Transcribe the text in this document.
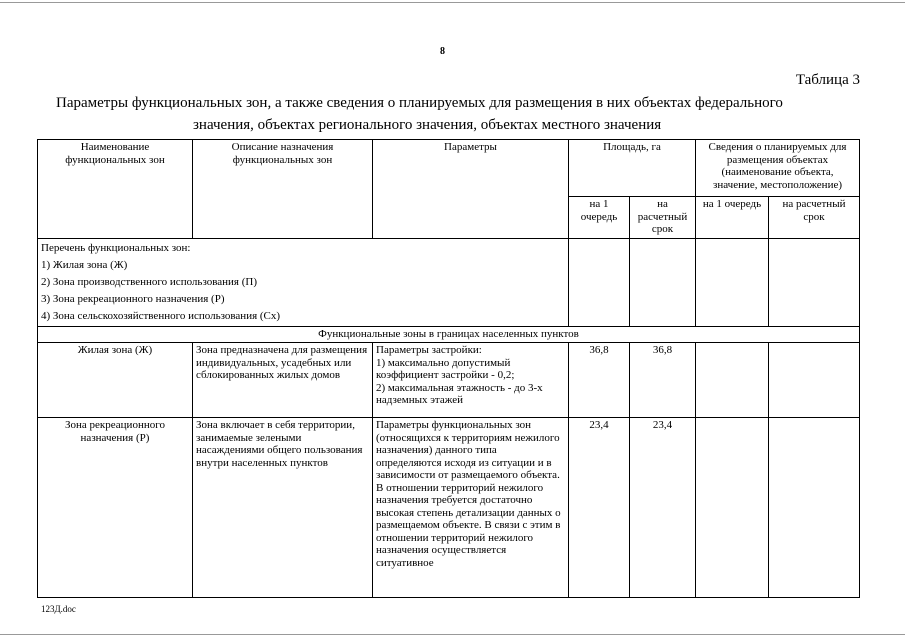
8
Таблица 3
Параметры функциональных зон, а также сведения о планируемых для размещения в них объектах федерального
значения, объектах регионального значения, объектах местного значения
Наименование функциональных зон	Описание назначения функциональных зон	Параметры	Площадь, га		Сведения о планируемых для размещения объектах (наименование объекта, значение, местоположение)	
			на 1 очередь	на расчетный срок	на 1 очередь	на расчетный срок

Перечень функциональных зон:
1) Жилая зона (Ж)
2) Зона производственного использования (П)
3) Зона рекреационного назначения (Р)
4) Зона сельскохозяйственного использования (Сх)						

Функциональные зоны в границах населенных пунктов						
Жилая зона (Ж)	Зона предназначена для размещения индивидуальных, усадебных или сблокированных жилых домов	Параметры застройки:
1) максимально допустимый коэффициент застройки - 0,2;
2) максимальная этажность - до 3-х надземных этажей	36,8	36,8		
Зона рекреационного назначения (Р)	Зона включает в себя территории, занимаемые зелеными насаждениями общего пользования внутри населенных пунктов	Параметры функциональных зон (относящихся к территориям нежилого назначения) данного типа определяются исходя из ситуации и в зависимости от размещаемого объекта. В отношении территорий нежилого назначения требуется достаточно высокая степень детализации данных о размещаемом объекте. В связи с этим в отношении территорий нежилого назначения осуществляется ситуативное	23,4	23,4		
123Д.doc
